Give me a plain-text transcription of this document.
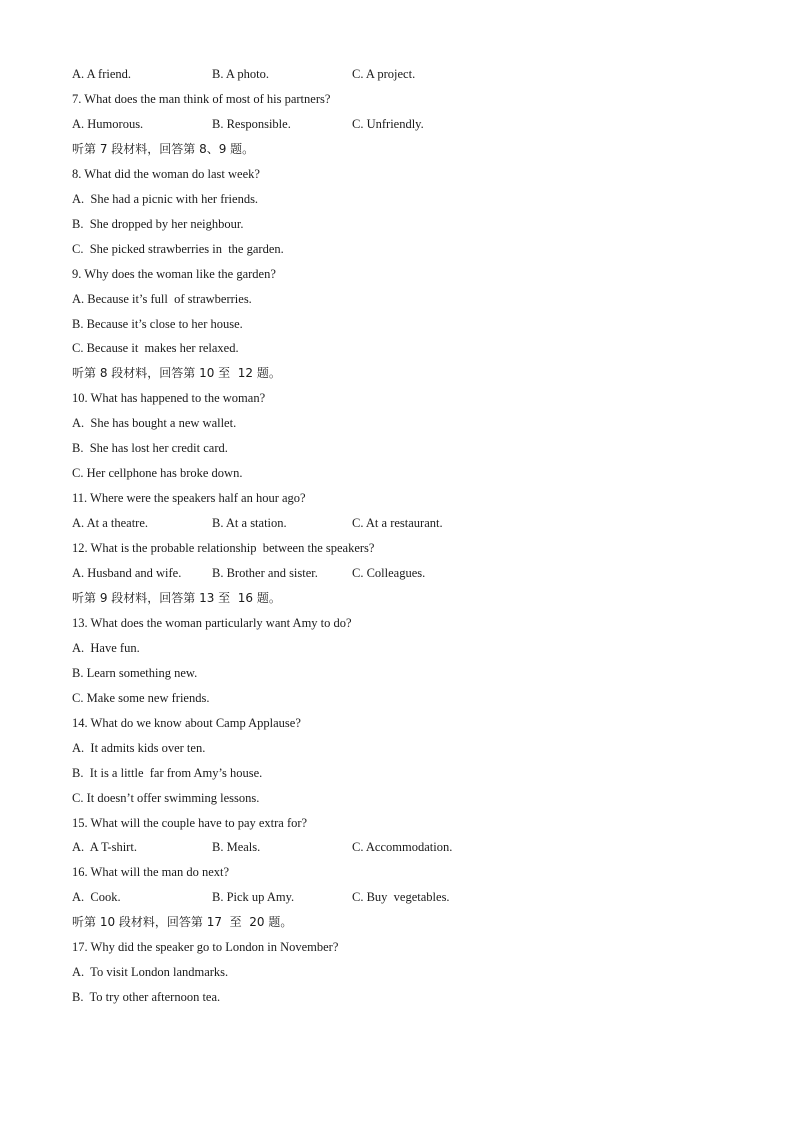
A. A friend.	B. A photo.	C. A project.
7. What does the man think of most of his partners?
A. Humorous.	B. Responsible.	C. Unfriendly.
听第 7 段材料，回答第 8、9 题。
8. What did the woman do last week?
A.  She had a picnic with her friends.
B.  She dropped by her neighbour.
C.  She picked strawberries in  the garden.
9. Why does the woman like the garden?
A. Because it’s full  of strawberries.
B. Because it’s close to her house.
C. Because it  makes her relaxed.
听第 8 段材料，回答第 10 至  12 题。
10. What has happened to the woman?
A.  She has bought a new wallet.
B.  She has lost her credit card.
C. Her cellphone has broke down.
11. Where were the speakers half an hour ago?
A. At a theatre.	B. At a station.	C. At a restaurant.
12. What is the probable relationship  between the speakers?
A. Husband and wife. B. Brother and sister.	C. Colleagues.
听第 9 段材料，回答第 13 至  16 题。
13. What does the woman particularly want Amy to do?
A.  Have fun.
B. Learn something new.
C. Make some new friends.
14. What do we know about Camp Applause?
A.  It admits kids over ten.
B.  It is a little  far from Amy’s house.
C. It doesn’t offer swimming lessons.
15. What will the couple have to pay extra for?
A.  A T-shirt.	B. Meals.	C. Accommodation.
16. What will the man do next?
A.  Cook.	B. Pick up Amy.	C. Buy  vegetables.
听第 10 段材料，回答第 17  至  20 题。
17. Why did the speaker go to London in November?
A.  To visit London landmarks.
B.  To try other afternoon tea.
